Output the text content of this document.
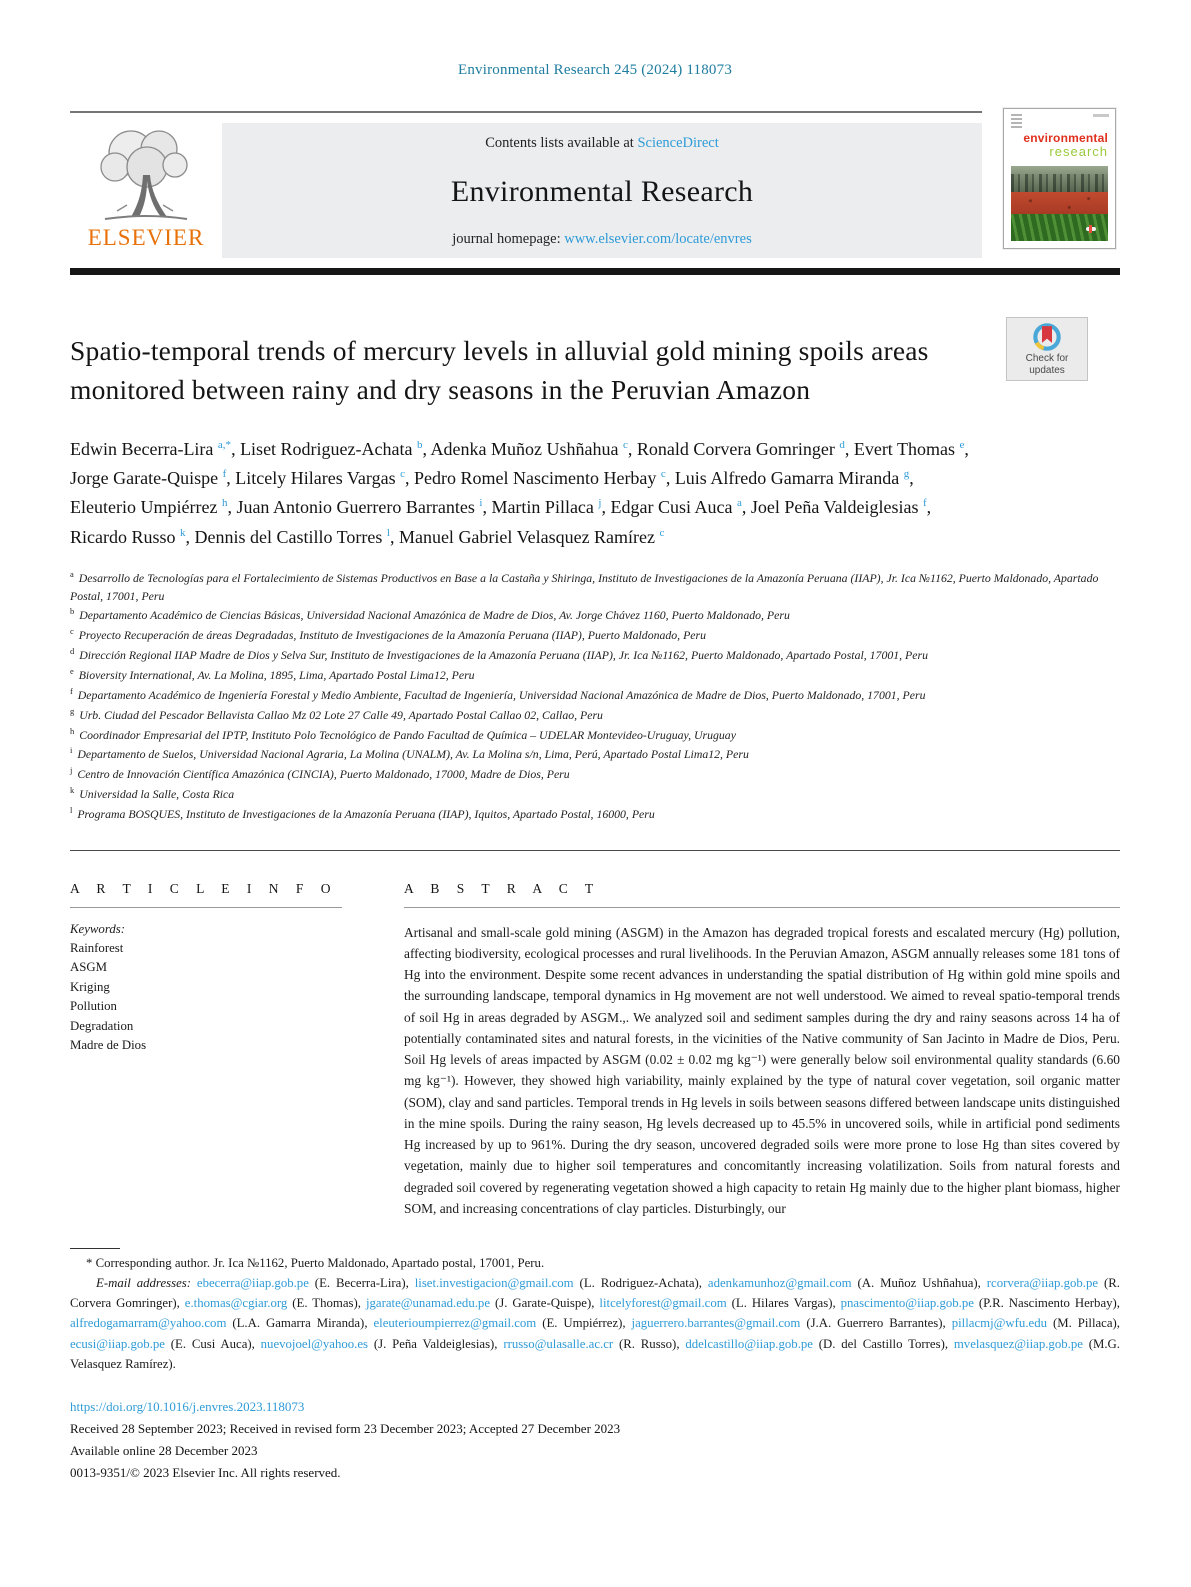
Environmental Research 245 (2024) 118073
ELSEVIER
Contents lists available at ScienceDirect
Environmental Research
journal homepage: www.elsevier.com/locate/envres
environmental
research
Spatio-temporal trends of mercury levels in alluvial gold mining spoils areas monitored between rainy and dry seasons in the Peruvian Amazon
Check for
updates
Edwin Becerra-Lira $^{a,*}$, Liset Rodriguez-Achata $^b$, Adenka Muñoz Ushñahua $^c$, Ronald Corvera Gomringer $^d$, Evert Thomas $^e$, Jorge Garate-Quispe $^f$, Litcely Hilares Vargas $^c$, Pedro Romel Nascimento Herbay $^c$, Luis Alfredo Gamarra Miranda $^g$, Eleuterio Umpiérrez $^h$, Juan Antonio Guerrero Barrantes $^i$, Martin Pillaca $^j$, Edgar Cusi Auca $^a$, Joel Peña Valdeiglesias $^f$, Ricardo Russo $^k$, Dennis del Castillo Torres $^l$, Manuel Gabriel Velasquez Ramírez $^c$
$^a$ Desarrollo de Tecnologías para el Fortalecimiento de Sistemas Productivos en Base a la Castaña y Shiringa, Instituto de Investigaciones de la Amazonía Peruana (IIAP), Jr. Ica №1162, Puerto Maldonado, Apartado Postal, 17001, Peru
$^b$ Departamento Académico de Ciencias Básicas, Universidad Nacional Amazónica de Madre de Dios, Av. Jorge Chávez 1160, Puerto Maldonado, Peru
$^c$ Proyecto Recuperación de áreas Degradadas, Instituto de Investigaciones de la Amazonía Peruana (IIAP), Puerto Maldonado, Peru
$^d$ Dirección Regional IIAP Madre de Dios y Selva Sur, Instituto de Investigaciones de la Amazonía Peruana (IIAP), Jr. Ica №1162, Puerto Maldonado, Apartado Postal, 17001, Peru
$^e$ Bioversity International, Av. La Molina, 1895, Lima, Apartado Postal Lima12, Peru
$^f$ Departamento Académico de Ingeniería Forestal y Medio Ambiente, Facultad de Ingeniería, Universidad Nacional Amazónica de Madre de Dios, Puerto Maldonado, 17001, Peru
$^g$ Urb. Ciudad del Pescador Bellavista Callao Mz 02 Lote 27 Calle 49, Apartado Postal Callao 02, Callao, Peru
$^h$ Coordinador Empresarial del IPTP, Instituto Polo Tecnológico de Pando Facultad de Química – UDELAR Montevideo-Uruguay, Uruguay
$^i$ Departamento de Suelos, Universidad Nacional Agraria, La Molina (UNALM), Av. La Molina s/n, Lima, Perú, Apartado Postal Lima12, Peru
$^j$ Centro de Innovación Científica Amazónica (CINCIA), Puerto Maldonado, 17000, Madre de Dios, Peru
$^k$ Universidad la Salle, Costa Rica
$^l$ Programa BOSQUES, Instituto de Investigaciones de la Amazonía Peruana (IIAP), Iquitos, Apartado Postal, 16000, Peru
A R T I C L E I N F O
Keywords:
Rainforest
ASGM
Kriging
Pollution
Degradation
Madre de Dios
A B S T R A C T
Artisanal and small-scale gold mining (ASGM) in the Amazon has degraded tropical forests and escalated mercury (Hg) pollution, affecting biodiversity, ecological processes and rural livelihoods. In the Peruvian Amazon, ASGM annually releases some 181 tons of Hg into the environment. Despite some recent advances in understanding the spatial distribution of Hg within gold mine spoils and the surrounding landscape, temporal dynamics in Hg movement are not well understood. We aimed to reveal spatio-temporal trends of soil Hg in areas degraded by ASGM.,. We analyzed soil and sediment samples during the dry and rainy seasons across 14 ha of potentially contaminated sites and natural forests, in the vicinities of the Native community of San Jacinto in Madre de Dios, Peru. Soil Hg levels of areas impacted by ASGM (0.02 ± 0.02 mg kg⁻¹) were generally below soil environmental quality standards (6.60 mg kg⁻¹). However, they showed high variability, mainly explained by the type of natural cover vegetation, soil organic matter (SOM), clay and sand particles. Temporal trends in Hg levels in soils between seasons differed between landscape units distinguished in the mine spoils. During the rainy season, Hg levels decreased up to 45.5% in uncovered soils, while in artificial pond sediments Hg increased by up to 961%. During the dry season, uncovered degraded soils were more prone to lose Hg than sites covered by vegetation, mainly due to higher soil temperatures and concomitantly increasing volatilization. Soils from natural forests and degraded soil covered by regenerating vegetation showed a high capacity to retain Hg mainly due to the higher plant biomass, higher SOM, and increasing concentrations of clay particles. Disturbingly, our
* Corresponding author. Jr. Ica №1162, Puerto Maldonado, Apartado postal, 17001, Peru.
E-mail addresses: ebecerra@iiap.gob.pe (E. Becerra-Lira), liset.investigacion@gmail.com (L. Rodriguez-Achata), adenkamunhoz@gmail.com (A. Muñoz Ushñahua), rcorvera@iiap.gob.pe (R. Corvera Gomringer), e.thomas@cgiar.org (E. Thomas), jgarate@unamad.edu.pe (J. Garate-Quispe), litcelyforest@gmail.com (L. Hilares Vargas), pnascimento@iiap.gob.pe (P.R. Nascimento Herbay), alfredogamarram@yahoo.com (L.A. Gamarra Miranda), eleuterioumpierrez@gmail.com (E. Umpiérrez), jaguerrero.barrantes@gmail.com (J.A. Guerrero Barrantes), pillacmj@wfu.edu (M. Pillaca), ecusi@iiap.gob.pe (E. Cusi Auca), nuevojoel@yahoo.es (J. Peña Valdeiglesias), rrusso@ulasalle.ac.cr (R. Russo), ddelcastillo@iiap.gob.pe (D. del Castillo Torres), mvelasquez@iiap.gob.pe (M.G. Velasquez Ramírez).
https://doi.org/10.1016/j.envres.2023.118073
Received 28 September 2023; Received in revised form 23 December 2023; Accepted 27 December 2023
Available online 28 December 2023
0013-9351/© 2023 Elsevier Inc. All rights reserved.
